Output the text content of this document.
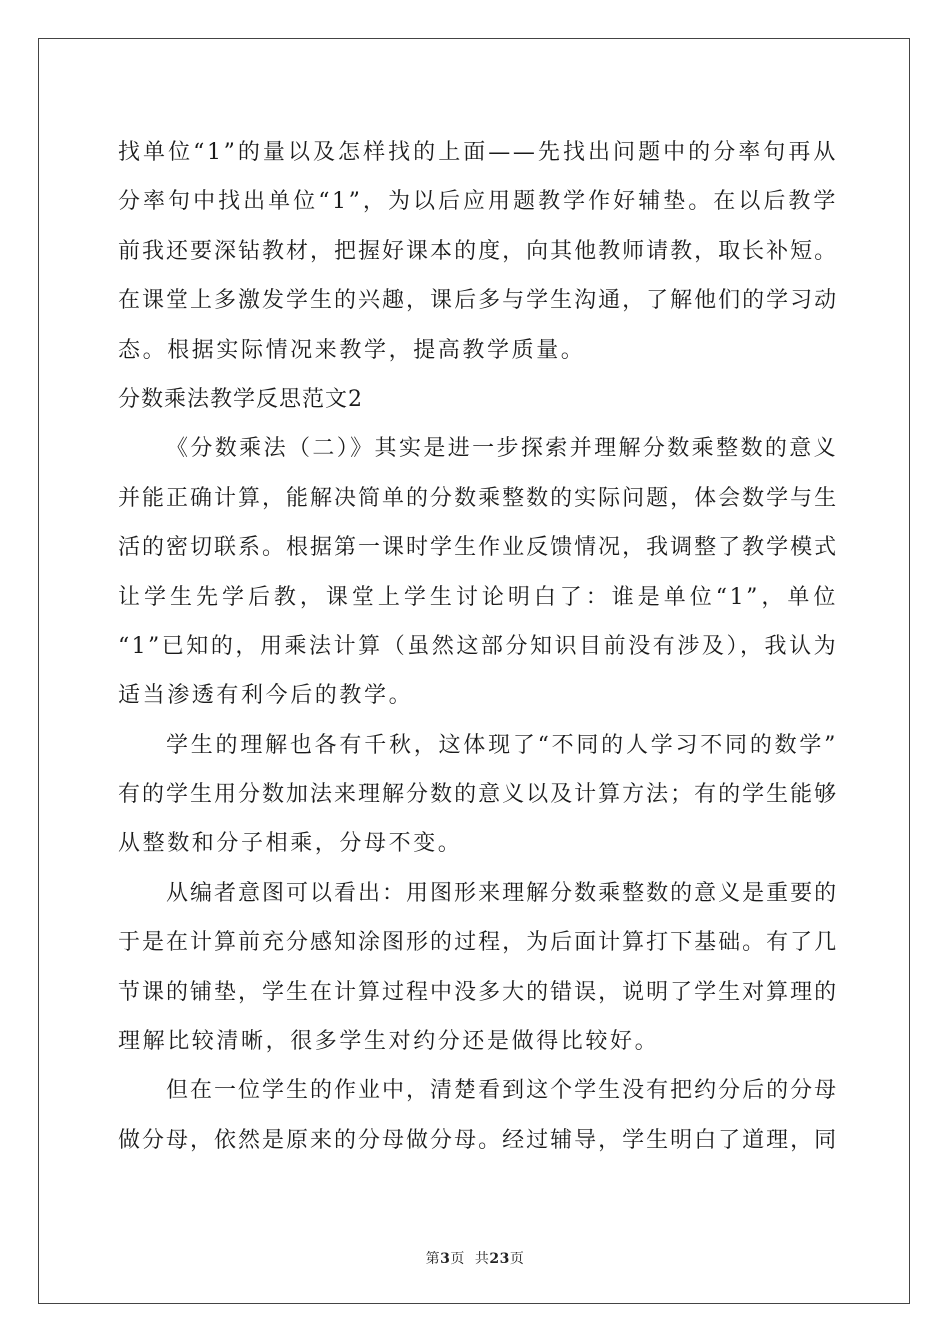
找单位“1”的量以及怎样找的上面——先找出问题中的分率句再从
分率句中找出单位“1”，为以后应用题教学作好辅垫。在以后教学
前我还要深钻教材，把握好课本的度，向其他教师请教，取长补短。
在课堂上多激发学生的兴趣，课后多与学生沟通，了解他们的学习动
态。根据实际情况来教学，提高教学质量。
分数乘法教学反思范文2
《分数乘法（二）》其实是进一步探索并理解分数乘整数的意义
并能正确计算，能解决简单的分数乘整数的实际问题，体会数学与生
活的密切联系。根据第一课时学生作业反馈情况，我调整了教学模式
让学生先学后教，课堂上学生讨论明白了：谁是单位“1”，单位
“1”已知的，用乘法计算（虽然这部分知识目前没有涉及），我认为
适当渗透有利今后的教学。
学生的理解也各有千秋，这体现了“不同的人学习不同的数学”
有的学生用分数加法来理解分数的意义以及计算方法；有的学生能够
从整数和分子相乘，分母不变。
从编者意图可以看出：用图形来理解分数乘整数的意义是重要的
于是在计算前充分感知涂图形的过程，为后面计算打下基础。有了几
节课的铺垫，学生在计算过程中没多大的错误，说明了学生对算理的
理解比较清晰，很多学生对约分还是做得比较好。
但在一位学生的作业中，清楚看到这个学生没有把约分后的分母
做分母，依然是原来的分母做分母。经过辅导，学生明白了道理，同
第3页  共23页
